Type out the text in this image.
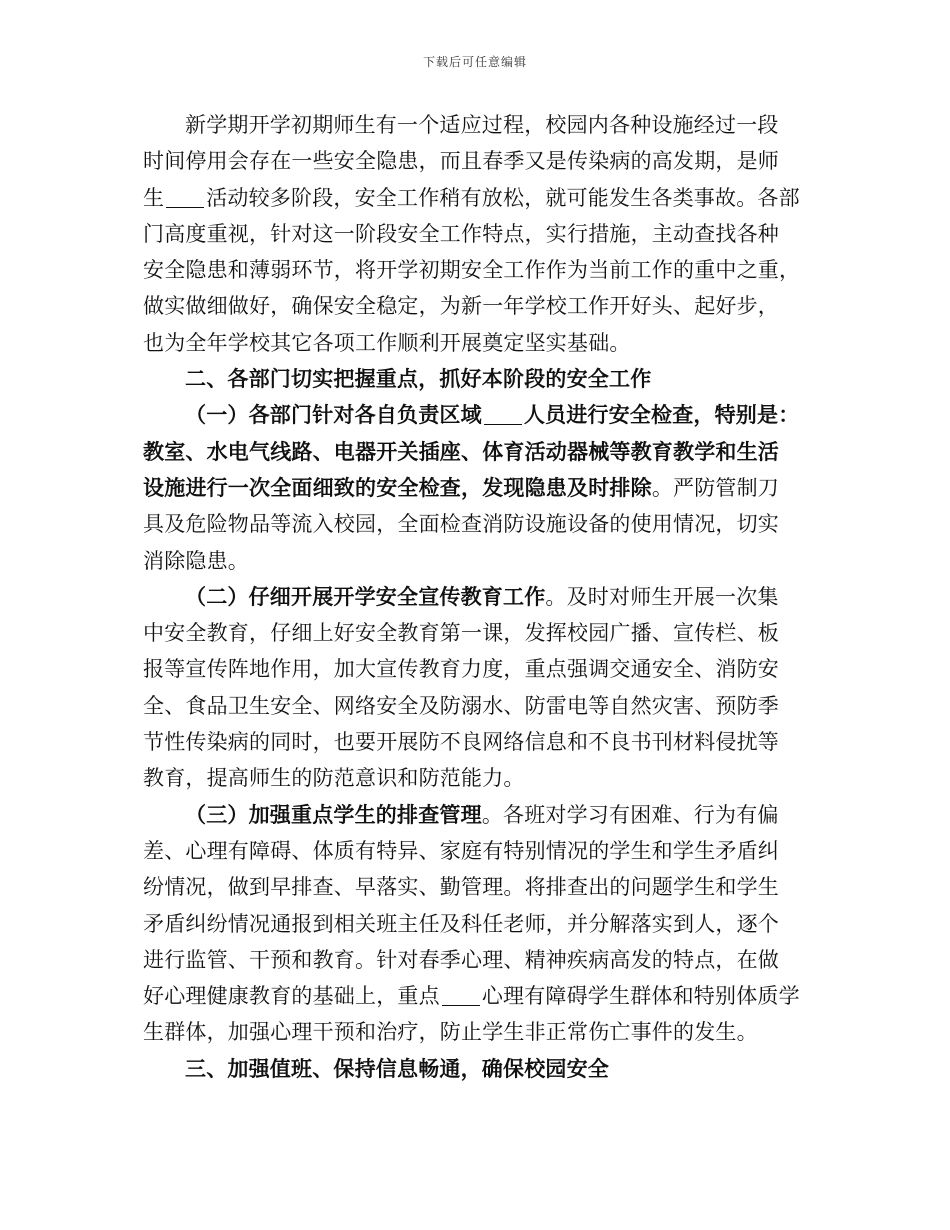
下载后可任意编辑
新学期开学初期师生有一个适应过程，校园内各种设施经过一段
时间停用会存在一些安全隐患，而且春季又是传染病的高发期，是师
生 活动较多阶段，安全工作稍有放松，就可能发生各类事故。各部
门高度重视，针对这一阶段安全工作特点，实行措施，主动查找各种
安全隐患和薄弱环节，将开学初期安全工作作为当前工作的重中之重，
做实做细做好，确保安全稳定，为新一年学校工作开好头、起好步，
也为全年学校其它各项工作顺利开展奠定坚实基础。
二、各部门切实把握重点，抓好本阶段的安全工作
（一）各部门针对各自负责区域 人员进行安全检查，特别是：
教室、水电气线路、电器开关插座、体育活动器械等教育教学和生活
设施进行一次全面细致的安全检查，发现隐患及时排除。严防管制刀
具及危险物品等流入校园，全面检查消防设施设备的使用情况，切实
消除隐患。
（二）仔细开展开学安全宣传教育工作。及时对师生开展一次集
中安全教育，仔细上好安全教育第一课，发挥校园广播、宣传栏、板
报等宣传阵地作用，加大宣传教育力度，重点强调交通安全、消防安
全、食品卫生安全、网络安全及防溺水、防雷电等自然灾害、预防季
节性传染病的同时，也要开展防不良网络信息和不良书刊材料侵扰等
教育，提高师生的防范意识和防范能力。
（三）加强重点学生的排查管理。各班对学习有困难、行为有偏
差、心理有障碍、体质有特异、家庭有特别情况的学生和学生矛盾纠
纷情况，做到早排查、早落实、勤管理。将排查出的问题学生和学生
矛盾纠纷情况通报到相关班主任及科任老师，并分解落实到人，逐个
进行监管、干预和教育。针对春季心理、精神疾病高发的特点，在做
好心理健康教育的基础上，重点 心理有障碍学生群体和特别体质学
生群体，加强心理干预和治疗，防止学生非正常伤亡事件的发生。
三、加强值班、保持信息畅通，确保校园安全
